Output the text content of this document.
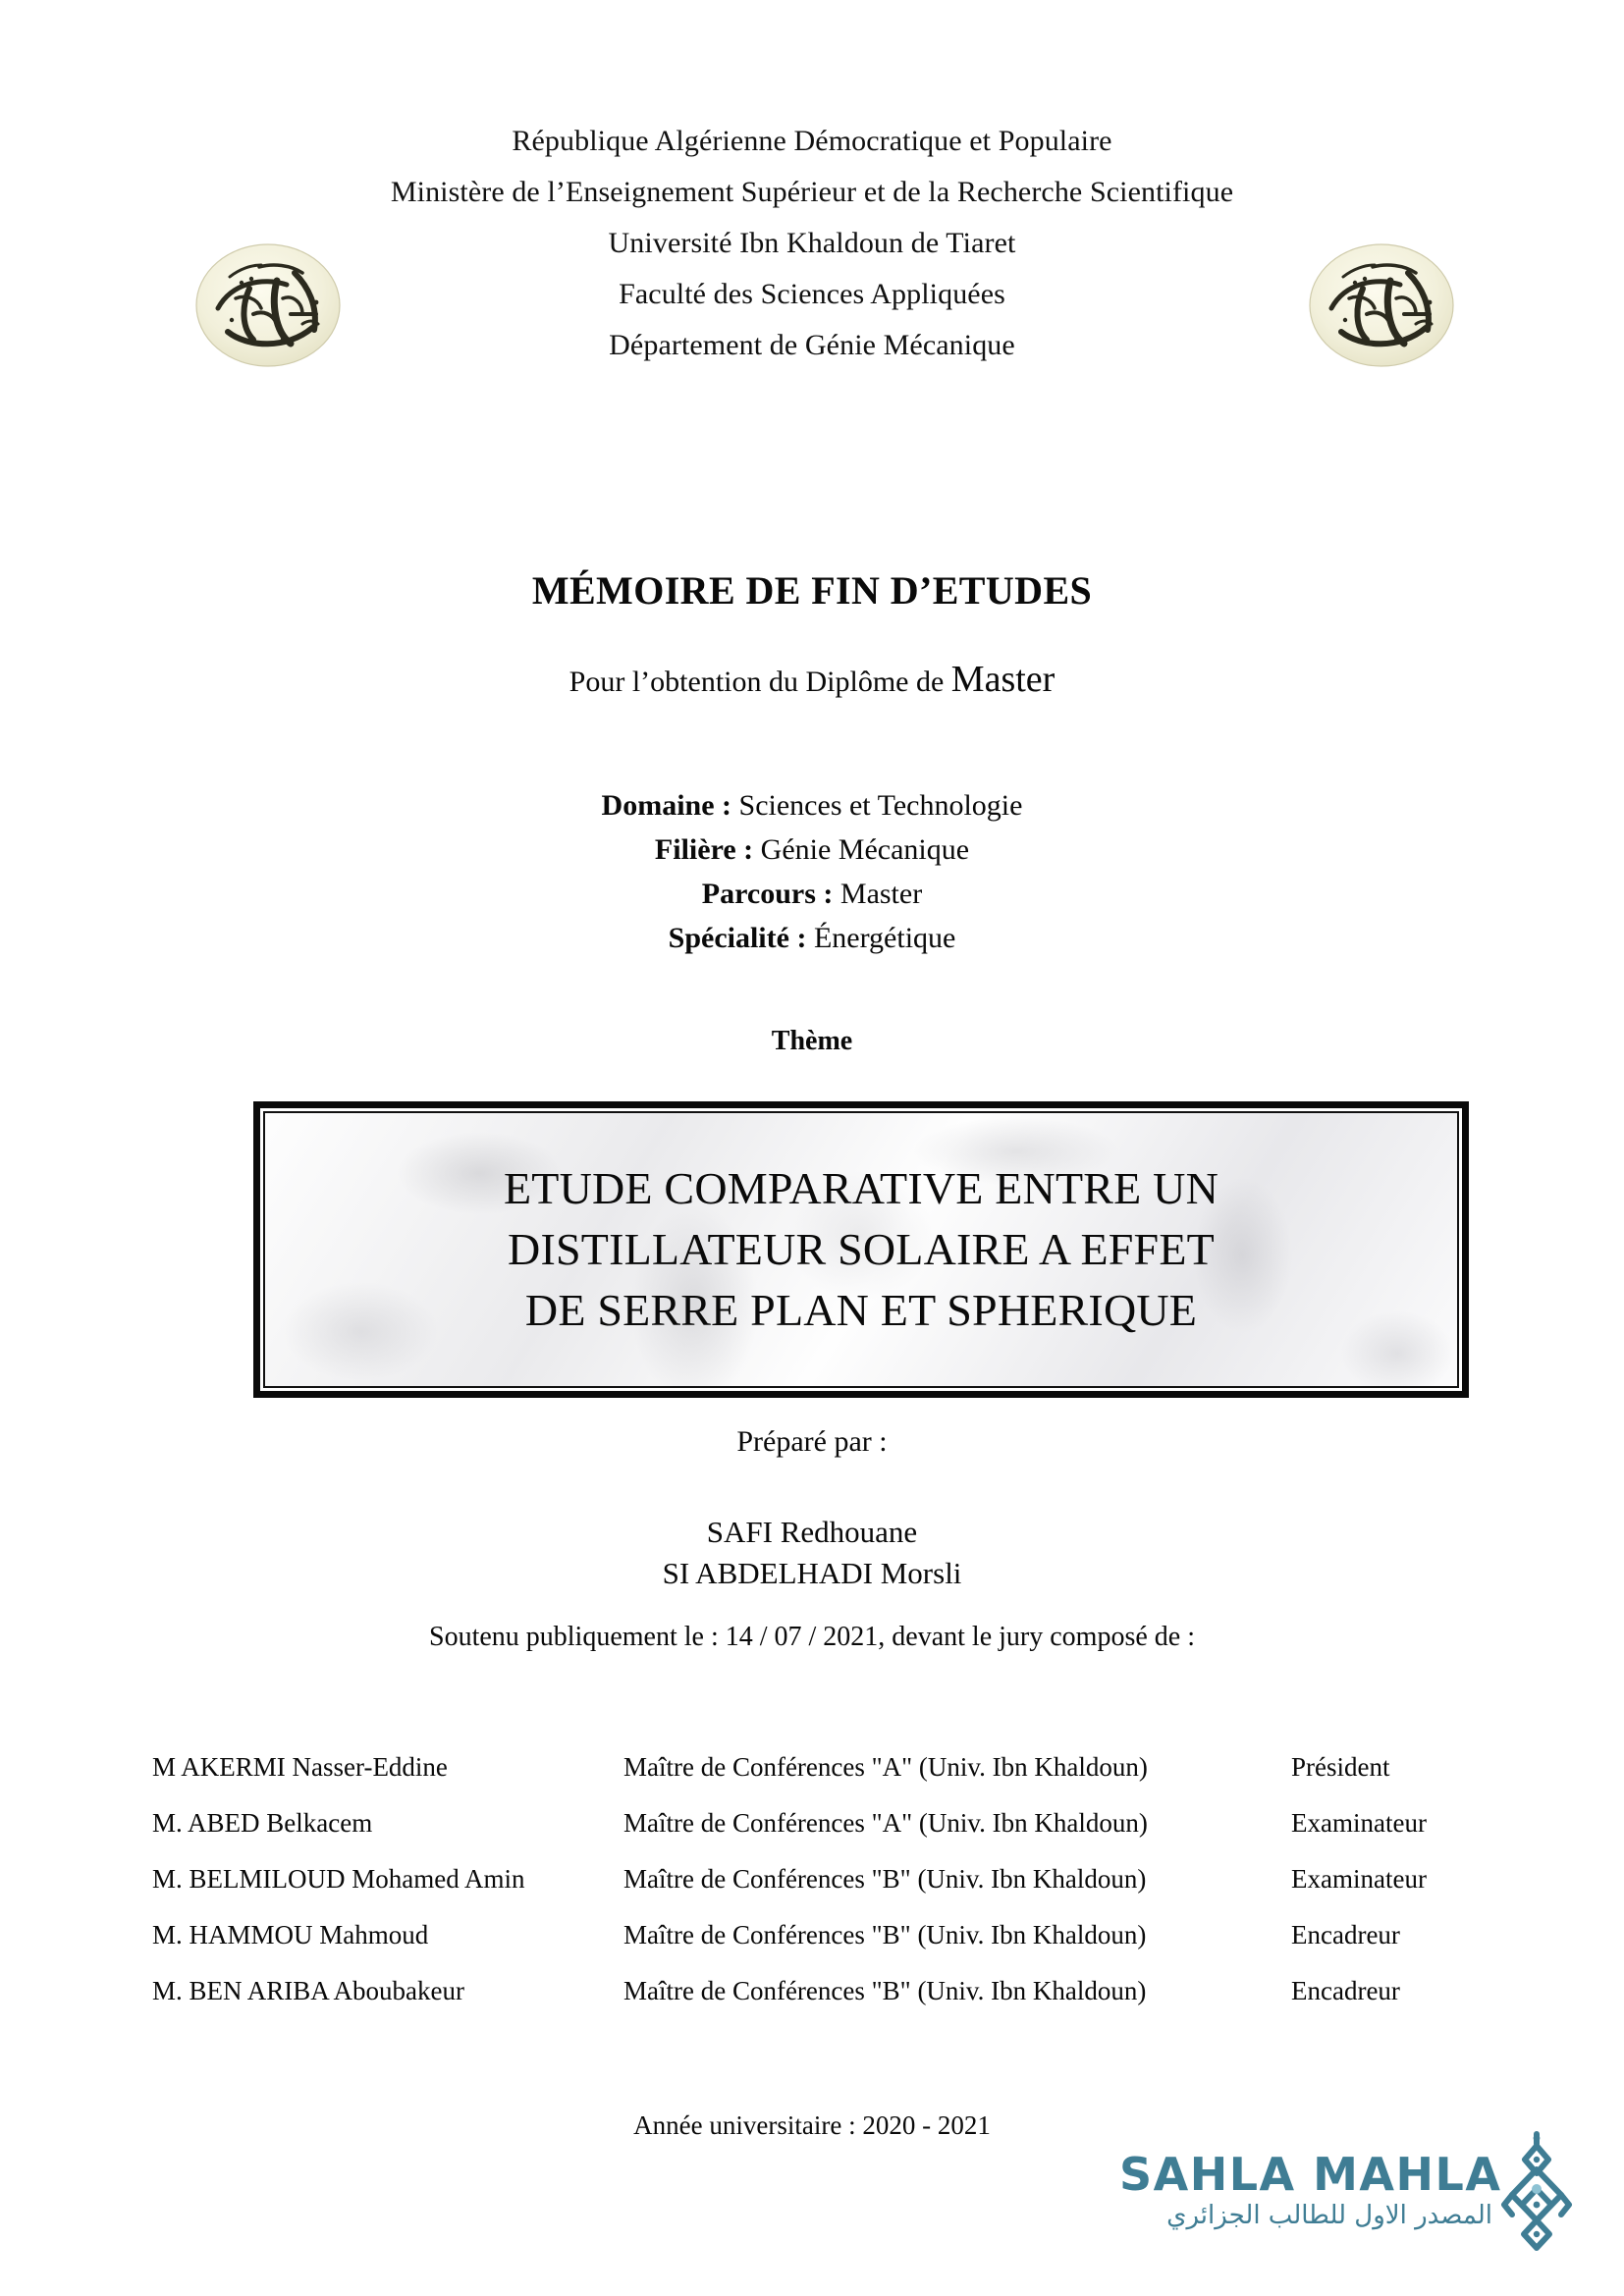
République Algérienne Démocratique et Populaire
Ministère de l’Enseignement Supérieur et de la Recherche Scientifique
Université Ibn Khaldoun de Tiaret
Faculté des Sciences Appliquées
Département de Génie Mécanique
MÉMOIRE DE FIN D’ETUDES
Pour l’obtention du Diplôme de Master
Domaine : Sciences et Technologie
Filière : Génie Mécanique
Parcours : Master
Spécialité : Énergétique
Thème
ETUDE COMPARATIVE ENTRE UN
DISTILLATEUR SOLAIRE A EFFET
DE SERRE PLAN ET SPHERIQUE
Préparé par :
SAFI Redhouane
SI ABDELHADI Morsli
Soutenu publiquement le : 14 / 07 / 2021, devant le jury composé de :
M AKERMI Nasser-Eddine	Maître de Conférences "A" (Univ. Ibn Khaldoun)	Président
M. ABED Belkacem	Maître de Conférences "A" (Univ. Ibn Khaldoun)	Examinateur
M. BELMILOUD Mohamed Amin	Maître de Conférences "B" (Univ. Ibn Khaldoun)	Examinateur
M. HAMMOU Mahmoud	Maître de Conférences "B" (Univ. Ibn Khaldoun)	Encadreur
M. BEN ARIBA Aboubakeur	Maître de Conférences "B" (Univ. Ibn Khaldoun)	Encadreur
Année universitaire : 2020 - 2021
SAHLA MAHLA
المصدر الاول للطالب الجزائري
